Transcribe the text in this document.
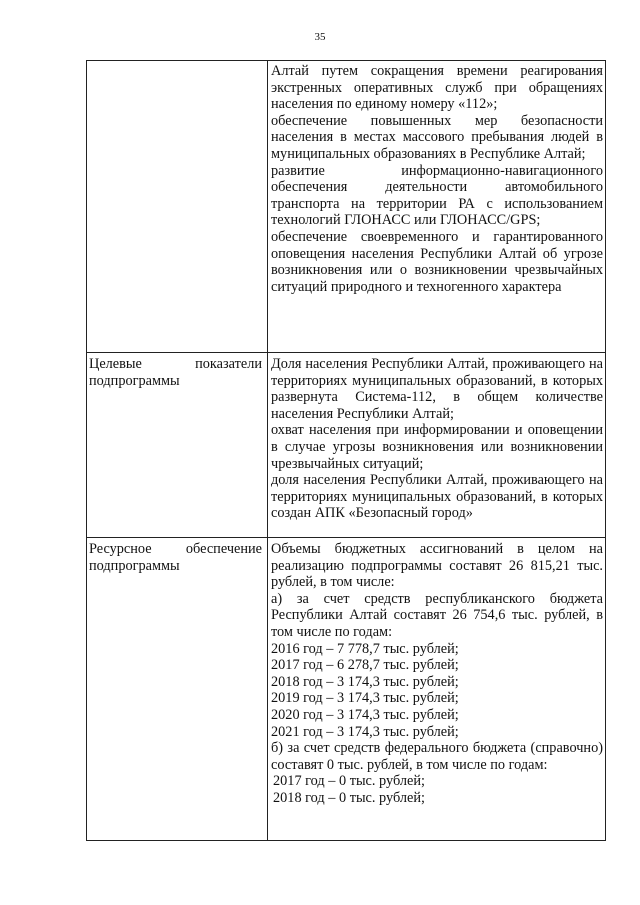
35
Алтай путем сокращения времени реагирования экстренных оперативных служб при обращениях населения по единому номеру «112»;
обеспечение повышенных мер безопасности населения в местах массового пребывания людей в муниципальных образованиях в Республике Алтай;
развитие информационно-навигационного обеспечения деятельности автомобильного транспорта на территории РА с использованием технологий ГЛОНАСС или ГЛОНАСС/GPS;
обеспечение своевременного и гарантированного оповещения населения Республики Алтай об угрозе возникновения или о возникновении чрезвычайных ситуаций природного и техногенного характера
Целевые показатели подпрограммы
Доля населения Республики Алтай, проживающего на территориях муниципальных образований, в которых развернута Система-112, в общем количестве населения Республики Алтай;
охват населения при информировании и оповещении в случае угрозы возникновения или возникновении чрезвычайных ситуаций;
доля населения Республики Алтай, проживающего на территориях муниципальных образований, в которых создан АПК «Безопасный город»
Ресурсное обеспечение подпрограммы
Объемы бюджетных ассигнований в целом на реализацию подпрограммы составят 26 815,21 тыс. рублей, в том числе:
а) за счет средств республиканского бюджета Республики Алтай составят 26 754,6 тыс. рублей, в том числе по годам:
2016 год – 7 778,7 тыс. рублей;
2017 год – 6 278,7 тыс. рублей;
2018 год – 3 174,3 тыс. рублей;
2019 год – 3 174,3 тыс. рублей;
2020 год – 3 174,3 тыс. рублей;
2021 год – 3 174,3 тыс. рублей;
б) за счет средств федерального бюджета (справочно) составят 0 тыс. рублей, в том числе по годам:
2017 год – 0 тыс. рублей;
2018 год – 0 тыс. рублей;
